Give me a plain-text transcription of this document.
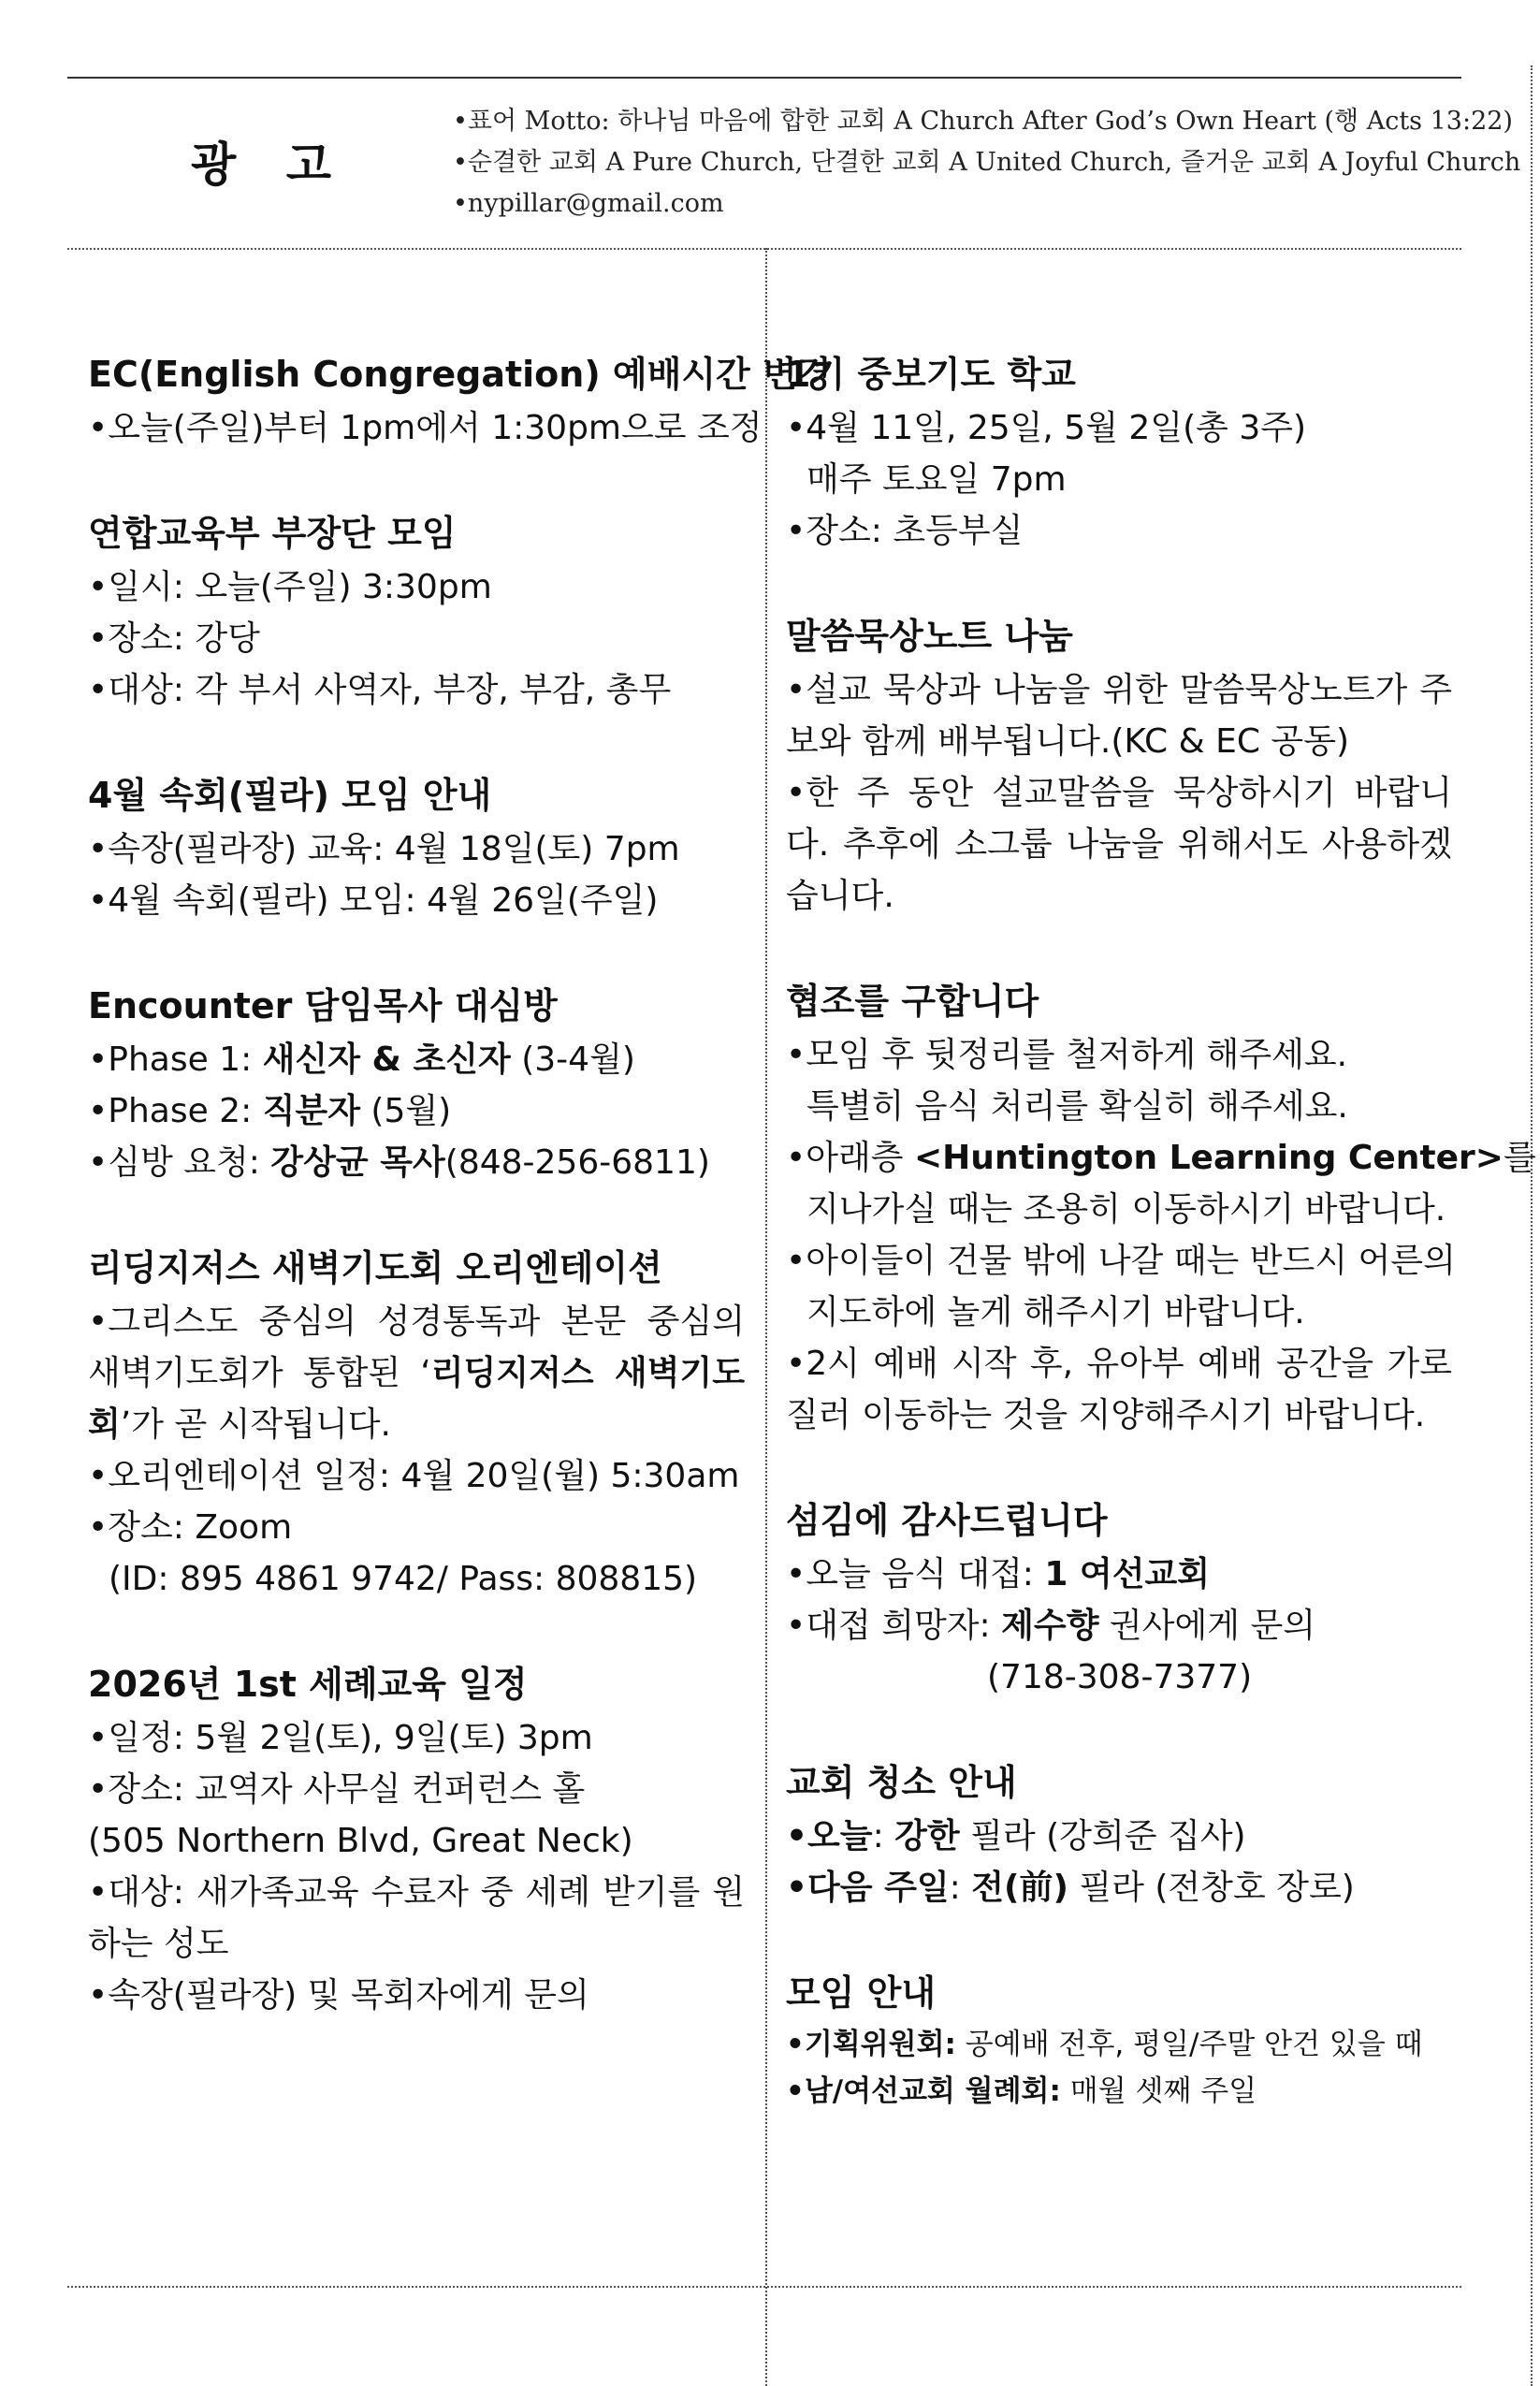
광 고
•표어 Motto: 하나님 마음에 합한 교회 A Church After God’s Own Heart (행 Acts 13:22)
•순결한 교회 A Pure Church, 단결한 교회 A United Church, 즐거운 교회 A Joyful Church
•nypillar@gmail.com
EC(English Congregation) 예배시간 변경
•오늘(주일)부터 1pm에서 1:30pm으로 조정
연합교육부 부장단 모임
•일시: 오늘(주일) 3:30pm
•장소: 강당
•대상: 각 부서 사역자, 부장, 부감, 총무
4월 속회(필라) 모임 안내
•속장(필라장) 교육: 4월 18일(토) 7pm
•4월 속회(필라) 모임: 4월 26일(주일)
Encounter 담임목사 대심방
•Phase 1: 새신자 & 초신자 (3-4월)
•Phase 2: 직분자 (5월)
•심방 요청: 강상균 목사(848-256-6811)
리딩지저스 새벽기도회 오리엔테이션
•그리스도 중심의 성경통독과 본문 중심의 새벽기도회가 통합된 ‘리딩지저스 새벽기도회’가 곧 시작됩니다.
•오리엔테이션 일정: 4월 20일(월) 5:30am
•장소: Zoom
(ID: 895 4861 9742/ Pass: 808815)
2026년 1st 세례교육 일정
•일정: 5월 2일(토), 9일(토) 3pm
•장소: 교역자 사무실 컨퍼런스 홀
(505 Northern Blvd, Great Neck)
•대상: 새가족교육 수료자 중 세례 받기를 원하는 성도
•속장(필라장) 및 목회자에게 문의
1기 중보기도 학교
•4월 11일, 25일, 5월 2일(총 3주)
매주 토요일 7pm
•장소: 초등부실
말씀묵상노트 나눔
•설교 묵상과 나눔을 위한 말씀묵상노트가 주보와 함께 배부됩니다.(KC & EC 공동)
•한 주 동안 설교말씀을 묵상하시기 바랍니다. 추후에 소그룹 나눔을 위해서도 사용하겠습니다.
협조를 구합니다
•모임 후 뒷정리를 철저하게 해주세요.
특별히 음식 처리를 확실히 해주세요.
•아래층 <Huntington Learning Center>를
지나가실 때는 조용히 이동하시기 바랍니다.
•아이들이 건물 밖에 나갈 때는 반드시 어른의
지도하에 놀게 해주시기 바랍니다.
•2시 예배 시작 후, 유아부 예배 공간을 가로질러 이동하는 것을 지양해주시기 바랍니다.
섬김에 감사드립니다
•오늘 음식 대접: 1 여선교회
•대접 희망자: 제수향 권사에게 문의
(718-308-7377)
교회 청소 안내
•오늘: 강한 필라 (강희준 집사)
•다음 주일: 전(前) 필라 (전창호 장로)
모임 안내
•기획위원회: 공예배 전후, 평일/주말 안건 있을 때
•남/여선교회 월례회: 매월 셋째 주일
